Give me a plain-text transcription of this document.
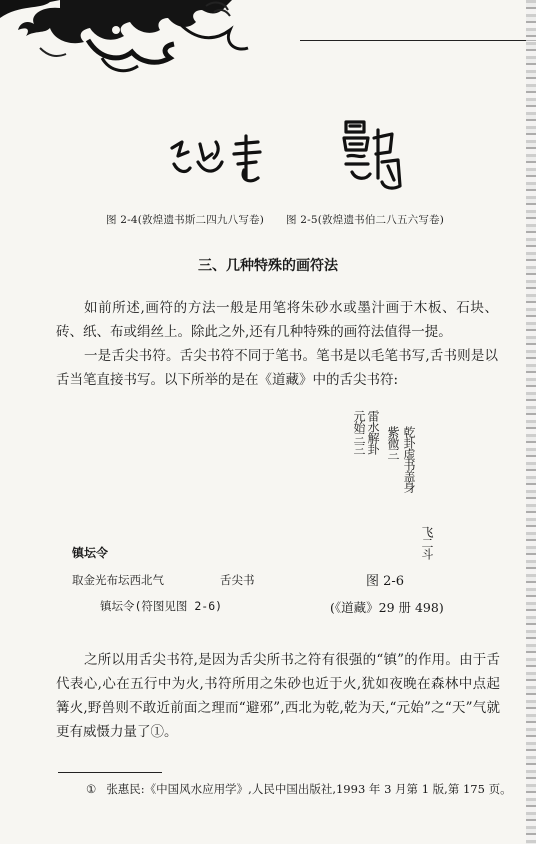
图 2-4(敦煌遗书斯二四九八写卷) 图 2-5(敦煌遗书伯二八五六写卷)
三、几种特殊的画符法

如前所述,画符的方法一般是用笔将朱砂水或墨汁画于木板、石块、砖、纸、布或绢丝上。除此之外,还有几种特殊的画符法值得一提。

一是舌尖书符。舌尖书符不同于笔书。笔书是以毛笔书写,舌书则是以舌当笔直接书写。以下所举的是在《道藏》中的舌尖书符:

元始三三 雷水解卦 紫微三 乾卦虚书盖身
飞二斗
镇坛令
取金光布坛西北气	舌尖书
镇坛令(符图见图 2-6)
图 2-6
(《道藏》29 册 498)

之所以用舌尖书符,是因为舌尖所书之符有很强的“镇”的作用。由于舌代表心,心在五行中为火,书符所用之朱砂也近于火,犹如夜晚在森林中点起篝火,野兽则不敢近前面之理而“避邪”,西北为乾,乾为天,“元始”之“天”气就更有威慑力量了①。

① 张惠民:《中国风水应用学》,人民中国出版社,1993 年 3 月第 1 版,第 175 页。
